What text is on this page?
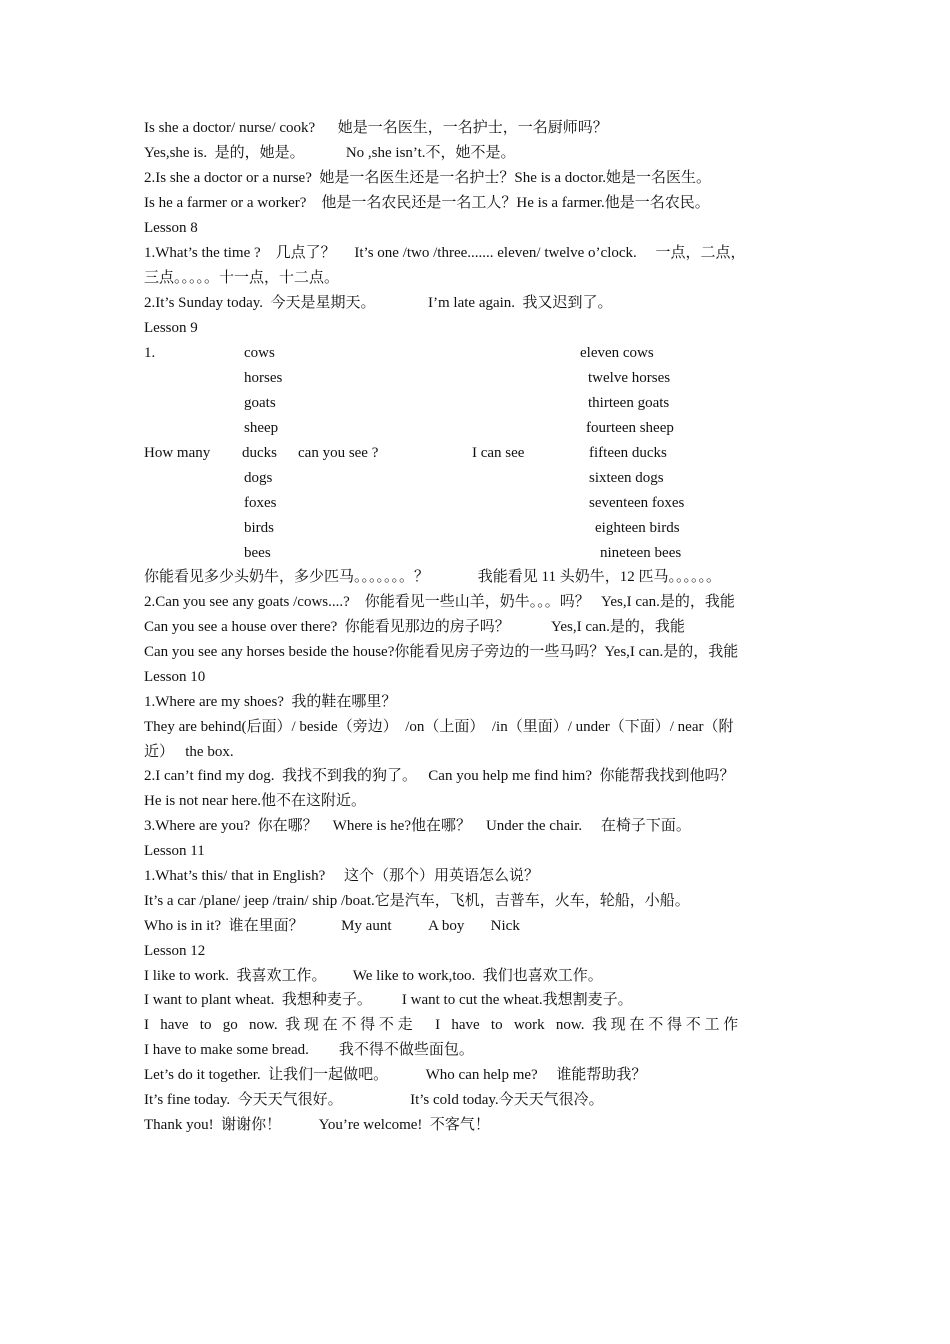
Is she a doctor/ nurse/ cook?      她是一名医生，一名护士，一名厨师吗？
Yes,she is.  是的，她是。           No ,she isn’t.不，她不是。
2.Is she a doctor or a nurse?  她是一名医生还是一名护士？She is a doctor.她是一名医生。
Is he a farmer or a worker?    他是一名农民还是一名工人？He is a farmer.他是一名农民。
Lesson 8
1.What’s the time ?    几点了？     It’s one /two /three....... eleven/ twelve o’clock.     一点，二点，
三点。。。。。十一点，十二点。
2.It’s Sunday today.  今天是星期天。              I’m late again.  我又迟到了。
Lesson 9
1.
How many	can you see ?	I can see
cows
horses
goats
sheep
ducks
dogs
foxes
birds
bees
eleven cows
twelve horses
thirteen goats
fourteen sheep
fifteen ducks
sixteen dogs
seventeen foxes
eighteen birds
nineteen bees
你能看见多少头奶牛，多少匹马。。。。。。。？             我能看见 11 头奶牛，12 匹马。。。。。。
2.Can you see any goats /cows....?    你能看见一些山羊，奶牛。。。吗？   Yes,I can.是的，我能
Can you see a house over there?  你能看见那边的房子吗？           Yes,I can.是的，我能
Can you see any horses beside the house?你能看见房子旁边的一些马吗？Yes,I can.是的，我能
Lesson 10
1.Where are my shoes?  我的鞋在哪里？
They are behind(后面）/ beside（旁边）  /on（上面）  /in（里面）/ under（下面）/ near（附
近）   the box.
2.I can’t find my dog.  我找不到我的狗了。   Can you help me find him?  你能帮我找到他吗？
He is not near here.他不在这附近。
3.Where are you?  你在哪？    Where is he?他在哪？    Under the chair.     在椅子下面。
Lesson 11
1.What’s this/ that in English?     这个（那个）用英语怎么说？
It’s a car /plane/ jeep /train/ ship /boat.它是汽车，飞机，吉普车，火车，轮船，小船。
Who is in it?  谁在里面？          My aunt          A boy       Nick
Lesson 12
I like to work.  我喜欢工作。       We like to work,too.  我们也喜欢工作。
I want to plant wheat.  我想种麦子。        I want to cut the wheat.我想割麦子。
I   have   to   go   now.  我 现 在 不 得 不 走      I   have   to   work   now.  我 现 在 不 得 不 工 作
I have to make some bread.        我不得不做些面包。
Let’s do it together.  让我们一起做吧。          Who can help me?     谁能帮助我？
It’s fine today.  今天天气很好。                  It’s cold today.今天天气很冷。
Thank you!  谢谢你！          You’re welcome!  不客气！
